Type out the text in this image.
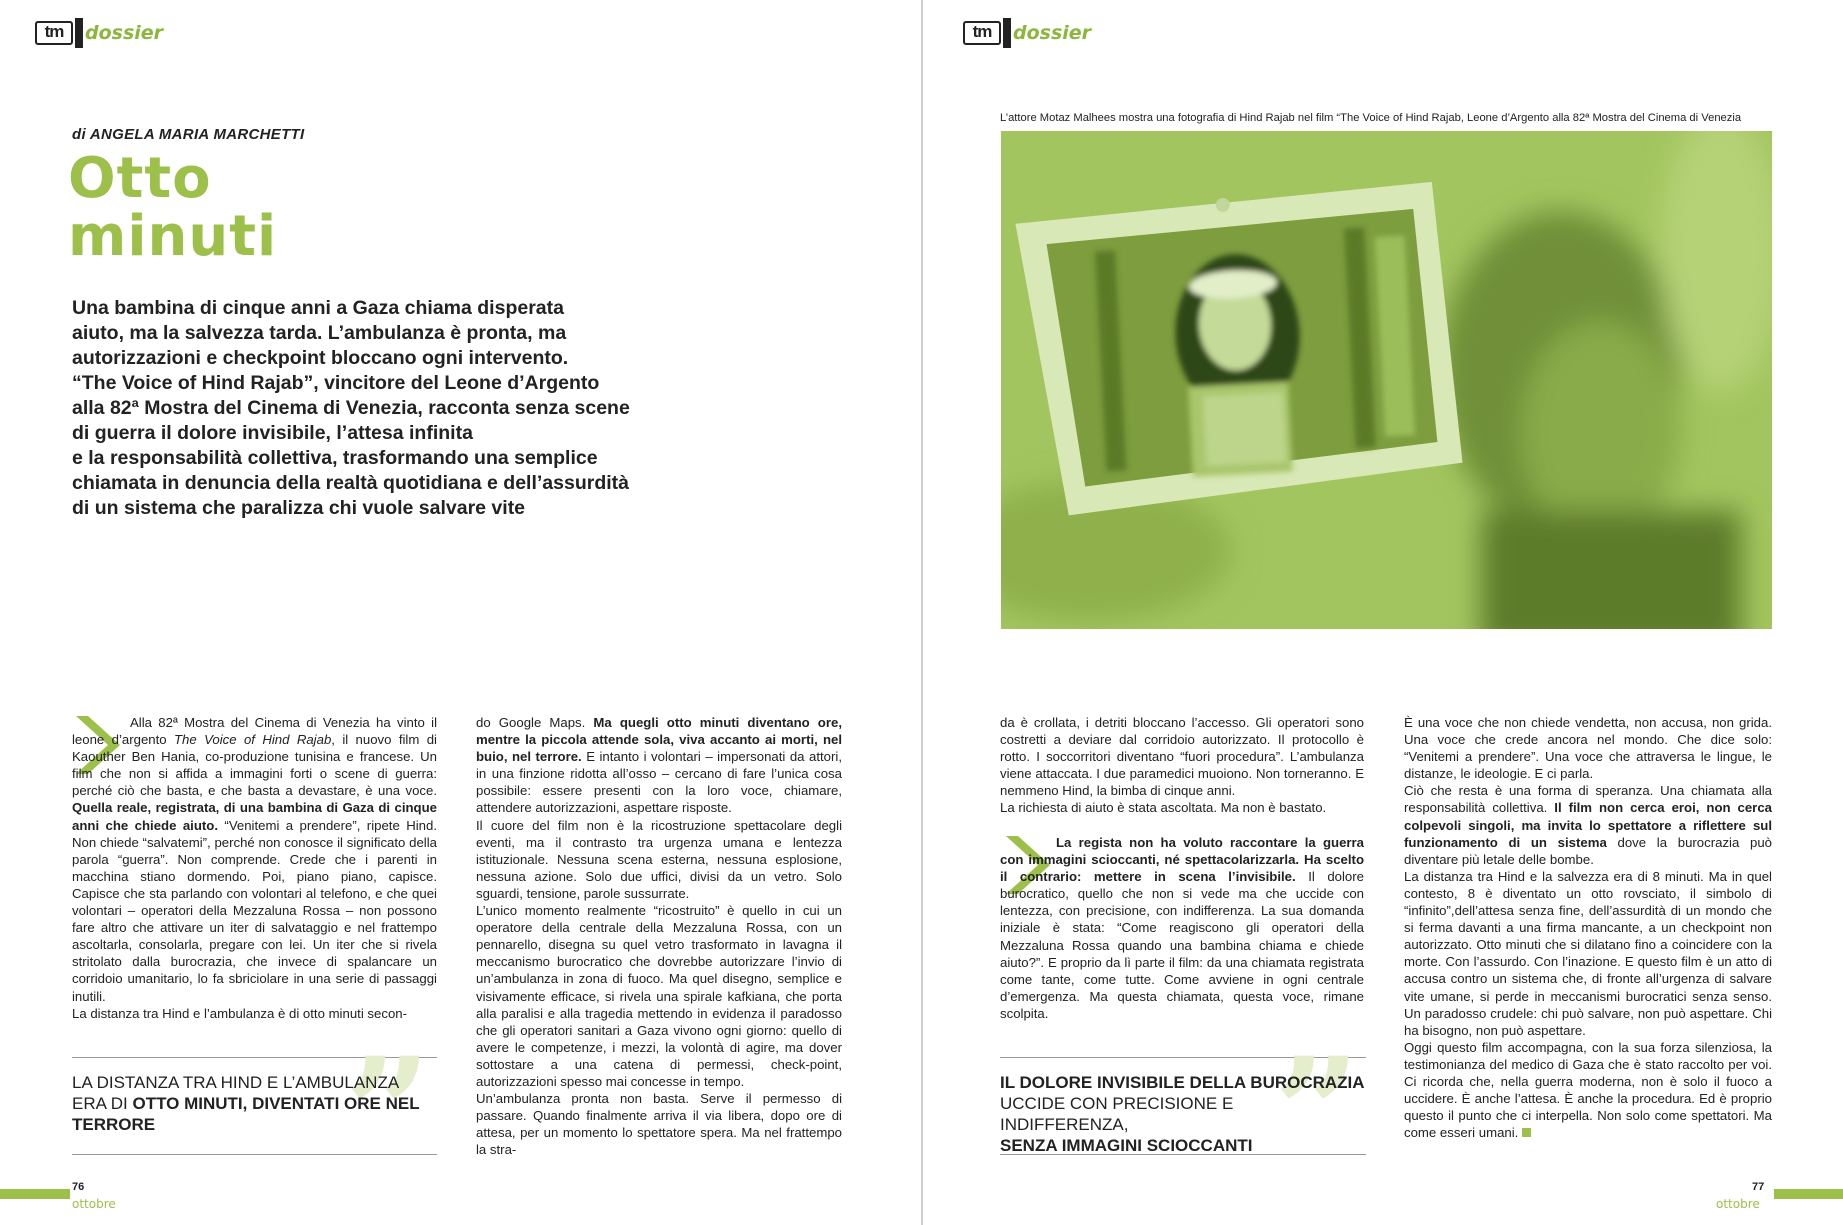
tm	dossier
di ANGELA MARIA MARCHETTI
Otto
minuti
Una bambina di cinque anni a Gaza chiama disperata
aiuto, ma la salvezza tarda. L’ambulanza è pronta, ma
autorizzazioni e checkpoint bloccano ogni intervento.
“The Voice of Hind Rajab”, vincitore del Leone d’Argento
alla 82ª Mostra del Cinema di Venezia, racconta senza scene
di guerra il dolore invisibile, l’attesa infinita
e la responsabilità collettiva, trasformando una semplice
chiamata in denuncia della realtà quotidiana e dell’assurdità
di un sistema che paralizza chi vuole salvare vite

Alla 82ª Mostra del Cinema di Venezia ha vinto il leone d’argento The Voice of Hind Rajab, il nuovo film di Kaouther Ben Hania, co-produzione tunisina e francese. Un film che non si affida a immagini forti o scene di guerra: perché ciò che basta, e che basta a devastare, è una voce. Quella reale, registrata, di una bambina di Gaza di cinque anni che chiede aiuto. “Venitemi a prendere”, ripete Hind. Non chiede “salvatemi”, perché non conosce il significato della parola “guerra”. Non comprende. Crede che i parenti in macchina stiano dormendo. Poi, piano piano, capisce. Capisce che sta parlando con volontari al telefono, e che quei volontari – operatori della Mezzaluna Rossa – non possono fare altro che attivare un iter di salvataggio e nel frattempo ascoltarla, consolarla, pregare con lei. Un iter che si rivela stritolato dalla burocrazia, che invece di spalancare un corridoio umanitario, lo fa sbriciolare in una serie di passaggi inutili.

La distanza tra Hind e l’ambulanza è di otto minuti secon-

”
LA DISTANZA TRA HIND E L’AMBULANZA
ERA DI OTTO MINUTI, DIVENTATI ORE NEL TERRORE

do Google Maps. Ma quegli otto minuti diventano ore, mentre la piccola attende sola, viva accanto ai morti, nel buio, nel terrore. E intanto i volontari – impersonati da attori, in una finzione ridotta all’osso – cercano di fare l’unica cosa possibile: essere presenti con la loro voce, chiamare, attendere autorizzazioni, aspettare risposte.

Il cuore del film non è la ricostruzione spettacolare degli eventi, ma il contrasto tra urgenza umana e lentezza istituzionale. Nessuna scena esterna, nessuna esplosione, nessuna azione. Solo due uffici, divisi da un vetro. Solo sguardi, tensione, parole sussurrate.

L’unico momento realmente “ricostruito” è quello in cui un operatore della centrale della Mezzaluna Rossa, con un pennarello, disegna su quel vetro trasformato in lavagna il meccanismo burocratico che dovrebbe autorizzare l’invio di un’ambulanza in zona di fuoco. Ma quel disegno, semplice e visivamente efficace, si rivela una spirale kafkiana, che porta alla paralisi e alla tragedia mettendo in evidenza il paradosso che gli operatori sanitari a Gaza vivono ogni giorno: quello di avere le competenze, i mezzi, la volontà di agire, ma dover sottostare a una catena di permessi, check-point, autorizzazioni spesso mai concesse in tempo.

Un’ambulanza pronta non basta. Serve il permesso di passare. Quando finalmente arriva il via libera, dopo ore di attesa, per un momento lo spettatore spera. Ma nel frattempo la stra-

76
ottobre
tm	dossier
L’attore Motaz Malhees mostra una fotografia di Hind Rajab nel film “The Voice of Hind Rajab, Leone d’Argento alla 82ª Mostra del Cinema di Venezia

da è crollata, i detriti bloccano l’accesso. Gli operatori sono costretti a deviare dal corridoio autorizzato. Il protocollo è rotto. I soccorritori diventano “fuori procedura”. L’ambulanza viene attaccata. I due paramedici muoiono. Non torneranno. E nemmeno Hind, la bimba di cinque anni.

La richiesta di aiuto è stata ascoltata. Ma non è bastato.

La regista non ha voluto raccontare la guerra con immagini scioccanti, né spettacolarizzarla. Ha scelto il contrario: mettere in scena l’invisibile. Il dolore burocratico, quello che non si vede ma che uccide con lentezza, con precisione, con indifferenza. La sua domanda iniziale è stata: “Come reagiscono gli operatori della Mezzaluna Rossa quando una bambina chiama e chiede aiuto?”. E proprio da lì parte il film: da una chiamata registrata come tante, come tutte. Come avviene in ogni centrale d’emergenza. Ma questa chiamata, questa voce, rimane scolpita.

”
IL DOLORE INVISIBILE DELLA BUROCRAZIA
UCCIDE CON PRECISIONE E INDIFFERENZA,
SENZA IMMAGINI SCIOCCANTI

È una voce che non chiede vendetta, non accusa, non grida. Una voce che crede ancora nel mondo. Che dice solo: “Venitemi a prendere”. Una voce che attraversa le lingue, le distanze, le ideologie. E ci parla.

Ciò che resta è una forma di speranza. Una chiamata alla responsabilità collettiva. Il film non cerca eroi, non cerca colpevoli singoli, ma invita lo spettatore a riflettere sul funzionamento di un sistema dove la burocrazia può diventare più letale delle bombe.

La distanza tra Hind e la salvezza era di 8 minuti. Ma in quel contesto, 8 è diventato un otto rovsciato, il simbolo di “infinito”,dell’attesa senza fine, dell’assurdità di un mondo che si ferma davanti a una firma mancante, a un checkpoint non autorizzato. Otto minuti che si dilatano fino a coincidere con la morte. Con l’assurdo. Con l’inazione. E questo film è un atto di accusa contro un sistema che, di fronte all’urgenza di salvare vite umane, si perde in meccanismi burocratici senza senso. Un paradosso crudele: chi può salvare, non può aspettare. Chi ha bisogno, non può aspettare.

Oggi questo film accompagna, con la sua forza silenziosa, la testimonianza del medico di Gaza che è stato raccolto per voi. Ci ricorda che, nella guerra moderna, non è solo il fuoco a uccidere. È anche l’attesa. È anche la procedura. Ed è proprio questo il punto che ci interpella. Non solo come spettatori. Ma come esseri umani.

77
ottobre
